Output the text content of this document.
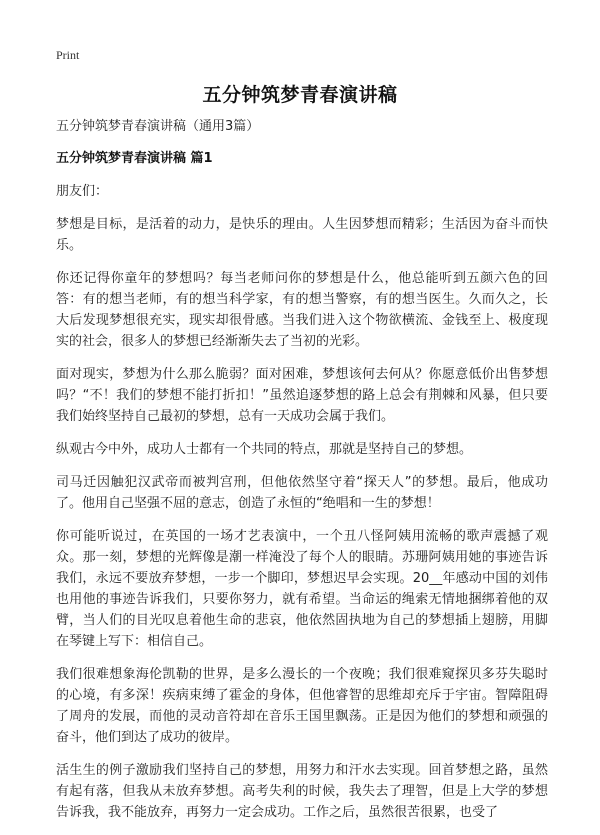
Print
五分钟筑梦青春演讲稿
五分钟筑梦青春演讲稿（通用3篇）
五分钟筑梦青春演讲稿 篇1
朋友们：
梦想是目标，是活着的动力，是快乐的理由。人生因梦想而精彩；生活因为奋斗而快乐。
你还记得你童年的梦想吗？每当老师问你的梦想是什么，他总能听到五颜六色的回答：有的想当老师，有的想当科学家，有的想当警察，有的想当医生。久而久之，长大后发现梦想很充实，现实却很骨感。当我们进入这个物欲横流、金钱至上、极度现实的社会，很多人的梦想已经渐渐失去了当初的光彩。
面对现实，梦想为什么那么脆弱？面对困难，梦想该何去何从？你愿意低价出售梦想吗？“不！我们的梦想不能打折扣！”虽然追逐梦想的路上总会有荆棘和风暴，但只要我们始终坚持自己最初的梦想，总有一天成功会属于我们。
纵观古今中外，成功人士都有一个共同的特点，那就是坚持自己的梦想。
司马迁因触犯汉武帝而被判宫刑，但他依然坚守着“探天人”的梦想。最后，他成功了。他用自己坚强不屈的意志，创造了永恒的“绝唱和一生的梦想！
你可能听说过，在英国的一场才艺表演中，一个丑八怪阿姨用流畅的歌声震撼了观众。那一刻，梦想的光辉像是潮一样淹没了每个人的眼睛。苏珊阿姨用她的事迹告诉我们，永远不要放弃梦想，一步一个脚印，梦想迟早会实现。20__年感动中国的刘伟也用他的事迹告诉我们，只要你努力，就有希望。当命运的绳索无情地捆绑着他的双臂，当人们的目光叹息着他生命的悲哀，他依然固执地为自己的梦想插上翅膀，用脚在琴键上写下：相信自己。
我们很难想象海伦凯勒的世界，是多么漫长的一个夜晚；我们很难窥探贝多芬失聪时的心境，有多深！疾病束缚了霍金的身体，但他睿智的思维却充斥于宇宙。智障阻碍了周舟的发展，而他的灵动音符却在音乐王国里飘荡。正是因为他们的梦想和顽强的奋斗，他们到达了成功的彼岸。
活生生的例子激励我们坚持自己的梦想，用努力和汗水去实现。回首梦想之路，虽然有起有落，但我从未放弃梦想。高考失利的时候，我失去了理智，但是上大学的梦想告诉我，我不能放弃，再努力一定会成功。工作之后，虽然很苦很累，也受了
